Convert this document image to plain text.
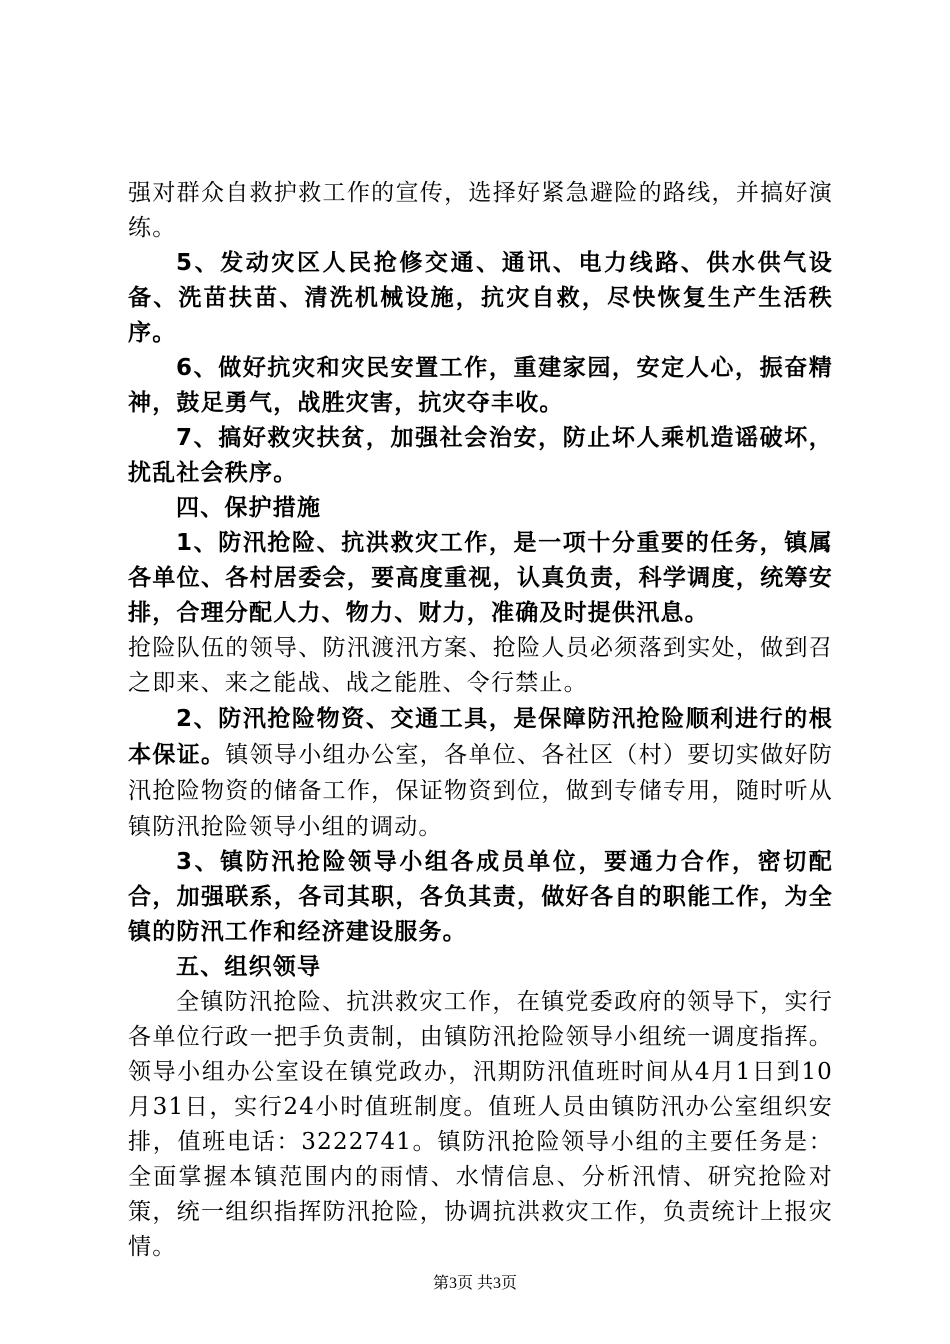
强对群众自救护救工作的宣传，选择好紧急避险的路线，并搞好演练。

5、发动灾区人民抢修交通、通讯、电力线路、供水供气设备、洗苗扶苗、清洗机械设施，抗灾自救，尽快恢复生产生活秩序。

6、做好抗灾和灾民安置工作，重建家园，安定人心，振奋精神，鼓足勇气，战胜灾害，抗灾夺丰收。

7、搞好救灾扶贫，加强社会治安，防止坏人乘机造谣破坏，扰乱社会秩序。

四、保护措施

1、防汛抢险、抗洪救灾工作，是一项十分重要的任务，镇属各单位、各村居委会，要高度重视，认真负责，科学调度，统筹安排，合理分配人力、物力、财力，准确及时提供汛息。

抢险队伍的领导、防汛渡汛方案、抢险人员必须落到实处，做到召之即来、来之能战、战之能胜、令行禁止。

2、防汛抢险物资、交通工具，是保障防汛抢险顺利进行的根本保证。镇领导小组办公室，各单位、各社区（村）要切实做好防汛抢险物资的储备工作，保证物资到位，做到专储专用，随时听从镇防汛抢险领导小组的调动。

3、镇防汛抢险领导小组各成员单位，要通力合作，密切配合，加强联系，各司其职，各负其责，做好各自的职能工作，为全镇的防汛工作和经济建设服务。

五、组织领导

全镇防汛抢险、抗洪救灾工作，在镇党委政府的领导下，实行各单位行政一把手负责制，由镇防汛抢险领导小组统一调度指挥。领导小组办公室设在镇党政办，汛期防汛值班时间从4月1日到10月31日，实行24小时值班制度。值班人员由镇防汛办公室组织安排，值班电话：3222741。镇防汛抢险领导小组的主要任务是：全面掌握本镇范围内的雨情、水情信息、分析汛情、研究抢险对策，统一组织指挥防汛抢险，协调抗洪救灾工作，负责统计上报灾情。

第3页 共3页
